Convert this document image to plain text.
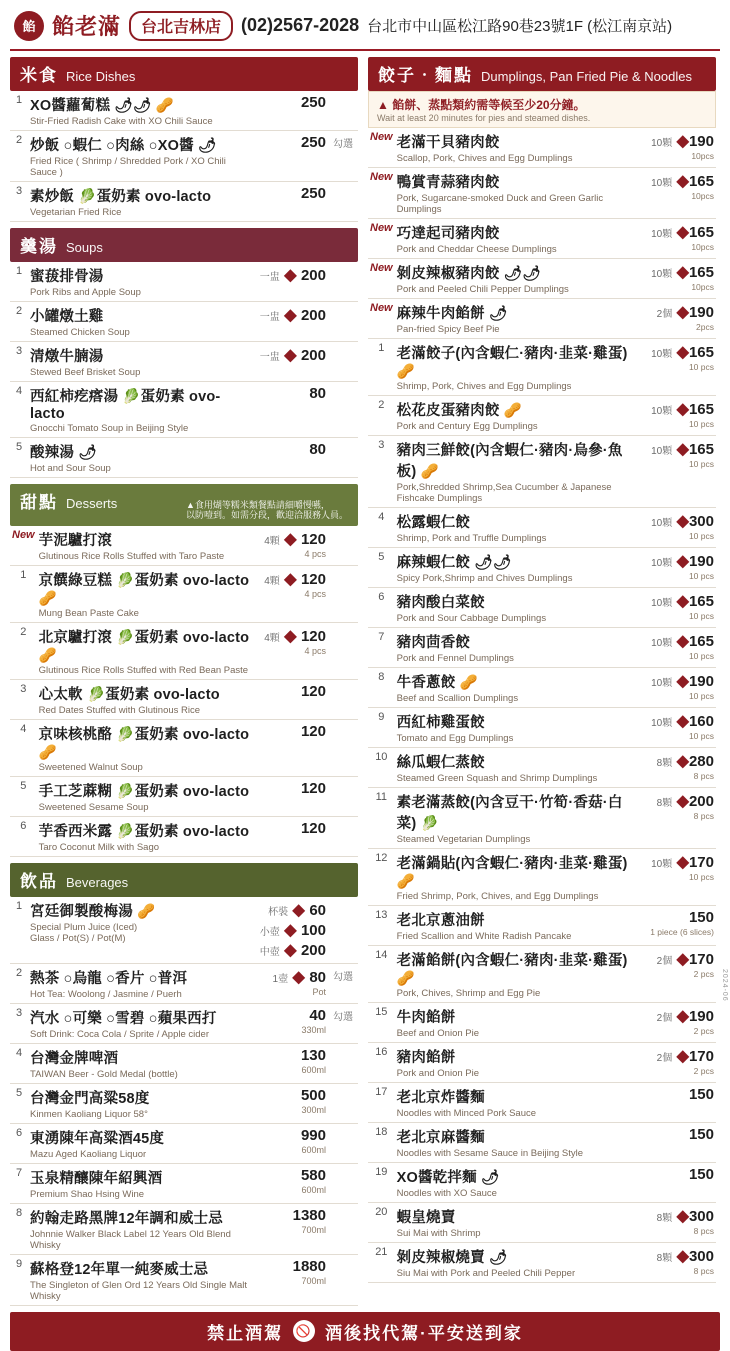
餡 餡老滿	台北吉林店	(02)2567-2028 台北市中山區松江路90巷23號1F (松江南京站)
米食 Rice Dishes
1	XO醬蘿蔔糕 🌶🌶 🥜
Stir-Fried Radish Cake with XO Chili Sauce	250	
2	炒飯 ○蝦仁 ○肉絲 ○XO醬 🌶
Fried Rice ( Shrimp / Shredded Pork / XO Chili Sauce )	250	勾選
3	素炒飯 🥬蛋奶素 ovo-lacto
Vegetarian Fried Rice	250	
羹湯 Soups
1	蜜菝排骨湯
Pork Ribs and Apple Soup	一盅 ◆ 200	
2	小罐燉土雞
Steamed Chicken Soup	一盅 ◆ 200	
3	清燉牛腩湯
Stewed Beef Brisket Soup	一盅 ◆ 200	
4	西紅柿疙瘩湯 🥬蛋奶素 ovo-lacto
Gnocchi Tomato Soup in Beijing Style	80	
5	酸辣湯 🌶
Hot and Sour Soup	80	
甜點 Desserts	▲食用煳等糯米類餐點請細嚼慢嚥，
以防噎到。如需分段，歡迎洽服務人員。
New	芋泥驢打滾
Glutinous Rice Rolls Stuffed with Taro Paste
	4顆 ◆ 120
4 pcs

1	京饌綠豆糕 🥬蛋奶素 ovo-lacto 🥜
Mung Bean Paste Cake
	4顆 ◆ 120
4 pcs

2	北京驢打滾 🥬蛋奶素 ovo-lacto 🥜
Glutinous Rice Rolls Stuffed with Red Bean Paste
	4顆 ◆ 120
4 pcs

3	心太軟 🥬蛋奶素 ovo-lacto
Red Dates Stuffed with Glutinous Rice	120	
4	京味核桃酪 🥬蛋奶素 ovo-lacto 🥜
Sweetened Walnut Soup	120	
5	手工芝蔴糊 🥬蛋奶素 ovo-lacto
Sweetened Sesame Soup	120	
6	芋香西米露 🥬蛋奶素 ovo-lacto
Taro Coconut Milk with Sago	120	
飲品 Beverages
1	宮廷御製酸梅湯 🥜
Special Plum Juice (Iced)
Glass / Pot(S) / Pot(M)

杯裝 ◆ 60
小壺 ◆ 100
中壺 ◆ 200

2	熱茶 ○烏龍 ○香片 ○普洱
Hot Tea: Woolong / Jasmine / Puerh
	1壺 ◆ 80
Pot
	勾選
3	汽水 ○可樂 ○雪碧 ○蘋果西打
Soft Drink: Coca Cola / Sprite / Apple cider
	40
330ml
	勾選
4	台灣金牌啤酒
TAIWAN Beer - Gold Medal (bottle)
	130
600ml

5	台灣金門高粱58度
Kinmen Kaoliang Liquor 58°
	500
300ml

6	東湧陳年高粱酒45度
Mazu Aged Kaoliang Liquor
	990
600ml

7	玉泉精釀陳年紹興酒
Premium Shao Hsing Wine
	580
600ml

8	約翰走路黑牌12年調和威士忌
Johnnie Walker Black Label 12 Years Old Blend Whisky
	1380
700ml

9	蘇格登12年單一純麥威士忌
The Singleton of Glen Ord 12 Years Old Single Malt Whisky
	1880
700ml

餃子‧麵點 Dumplings, Pan Fried Pie & Noodles
▲ 餡餅、蒸點類約需等候至少20分鐘。
Wait at least 20 minutes for pies and steamed dishes.
New	老滿干貝豬肉餃
Scallop, Pork, Chives and Egg Dumplings
	10顆 ◆190
10pcs

New	鴨賞青蒜豬肉餃
Pork, Sugarcane-smoked Duck and Green Garlic Dumplings
	10顆 ◆165
10pcs

New	巧達起司豬肉餃
Pork and Cheddar Cheese Dumplings
	10顆 ◆165
10pcs

New	剝皮辣椒豬肉餃 🌶🌶
Pork and Peeled Chili Pepper Dumplings
	10顆 ◆165
10pcs

New	麻辣牛肉餡餅 🌶
Pan-fried Spicy Beef Pie
	2個 ◆190
2pcs

1	老滿餃子(內含蝦仁·豬肉·韭菜·雞蛋) 🥜
Shrimp, Pork, Chives and Egg Dumplings
	10顆 ◆165
10 pcs

2	松花皮蛋豬肉餃 🥜
Pork and Century Egg Dumplings
	10顆 ◆165
10 pcs

3	豬肉三鮮餃(內含蝦仁·豬肉·烏參·魚板) 🥜
Pork,Shredded Shrimp,Sea Cucumber & Japanese Fishcake Dumplings
	10顆 ◆165
10 pcs

4	松露蝦仁餃
Shrimp, Pork and Truffle Dumplings
	10顆 ◆300
10 pcs

5	麻辣蝦仁餃 🌶🌶
Spicy Pork,Shrimp and Chives Dumplings
	10顆 ◆190
10 pcs

6	豬肉酸白菜餃
Pork and Sour Cabbage Dumplings
	10顆 ◆165
10 pcs

7	豬肉茴香餃
Pork and Fennel Dumplings
	10顆 ◆165
10 pcs

8	牛香蔥餃 🥜
Beef and Scallion Dumplings
	10顆 ◆190
10 pcs

9	西紅柿雞蛋餃
Tomato and Egg Dumplings
	10顆 ◆160
10 pcs

10	絲瓜蝦仁蒸餃
Steamed Green Squash and Shrimp Dumplings
	8顆 ◆280
8 pcs

11	素老滿蒸餃(內含豆干·竹筍·香菇·白菜) 🥬
Steamed Vegetarian Dumplings
	8顆 ◆200
8 pcs

12	老滿鍋貼(內含蝦仁·豬肉·韭菜·雞蛋) 🥜
Fried Shrimp, Pork, Chives, and Egg Dumplings
	10顆 ◆170
10 pcs

13	老北京蔥油餅
Fried Scallion and White Radish Pancake
	150
1 piece (6 slices)

14	老滿餡餅(內含蝦仁·豬肉·韭菜·雞蛋) 🥜
Pork, Chives, Shrimp and Egg Pie
	2個 ◆170
2 pcs

15	牛肉餡餅
Beef and Onion Pie
	2個 ◆190
2 pcs

16	豬肉餡餅
Pork and Onion Pie
	2個 ◆170
2 pcs

17	老北京炸醬麵
Noodles with Minced Pork Sauce	150
18	老北京麻醬麵
Noodles with Sesame Sauce in Beijing Style	150
19	XO醬乾拌麵 🌶
Noodles with XO Sauce	150
20	蝦皇燒賣
Sui Mai with Shrimp
	8顆 ◆300
8 pcs

21	剝皮辣椒燒賣 🌶
Siu Mai with Pork and Peeled Chili Pepper
	8顆 ◆300
8 pcs
禁止酒駕 🚫 酒後找代駕·平安送到家
2024-06
